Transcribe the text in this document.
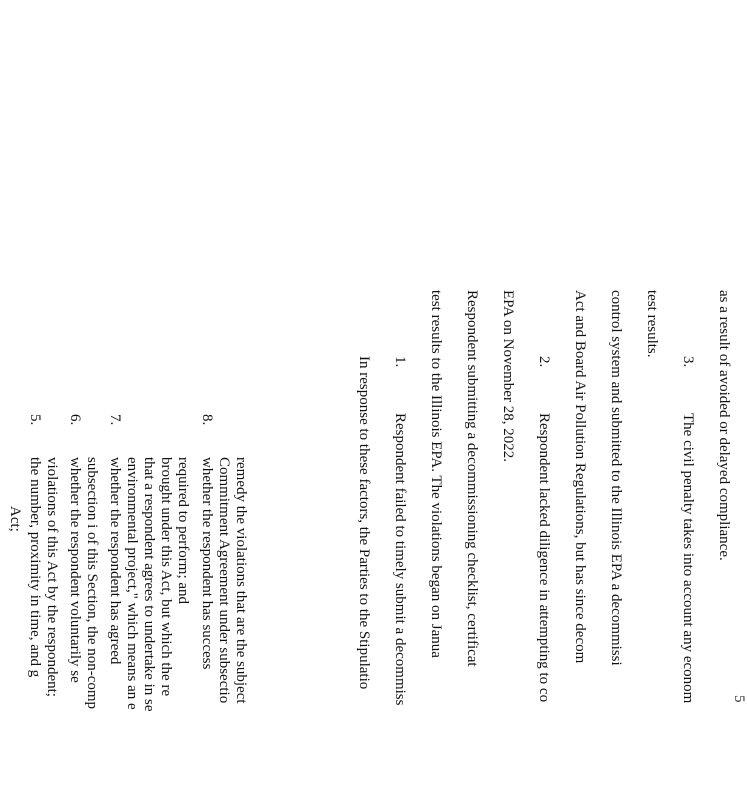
Act;
5.
the number, proximity in time, and g violations of this Act by the respondent;
6.
whether the respondent voluntarily se subsection i of this Section, the non-comp
7.
whether the respondent has agreed environmental project," which means an e that a respondent agrees to undertake in se brought under this Act, but which the re required to perform; and
8.
whether the respondent has success Commitment Agreement under subsectio remedy the violations that are the subject	In response to these factors, the Parties to the Stipulatio 1.
Respondent failed to timely submit a decommiss test results to the Illinois EPA. The violations began on Janua Respondent submitting a decommissioning checklist, certificat EPA on November 28, 2022. 2.
Respondent lacked diligence in attempting to co Act and Board Air Pollution Regulations, but has since decom control system and submitted to the Illinois EPA a decommissi test results.
3.
The civil penalty takes into account any econom as a result of avoided or delayed compliance.
5
